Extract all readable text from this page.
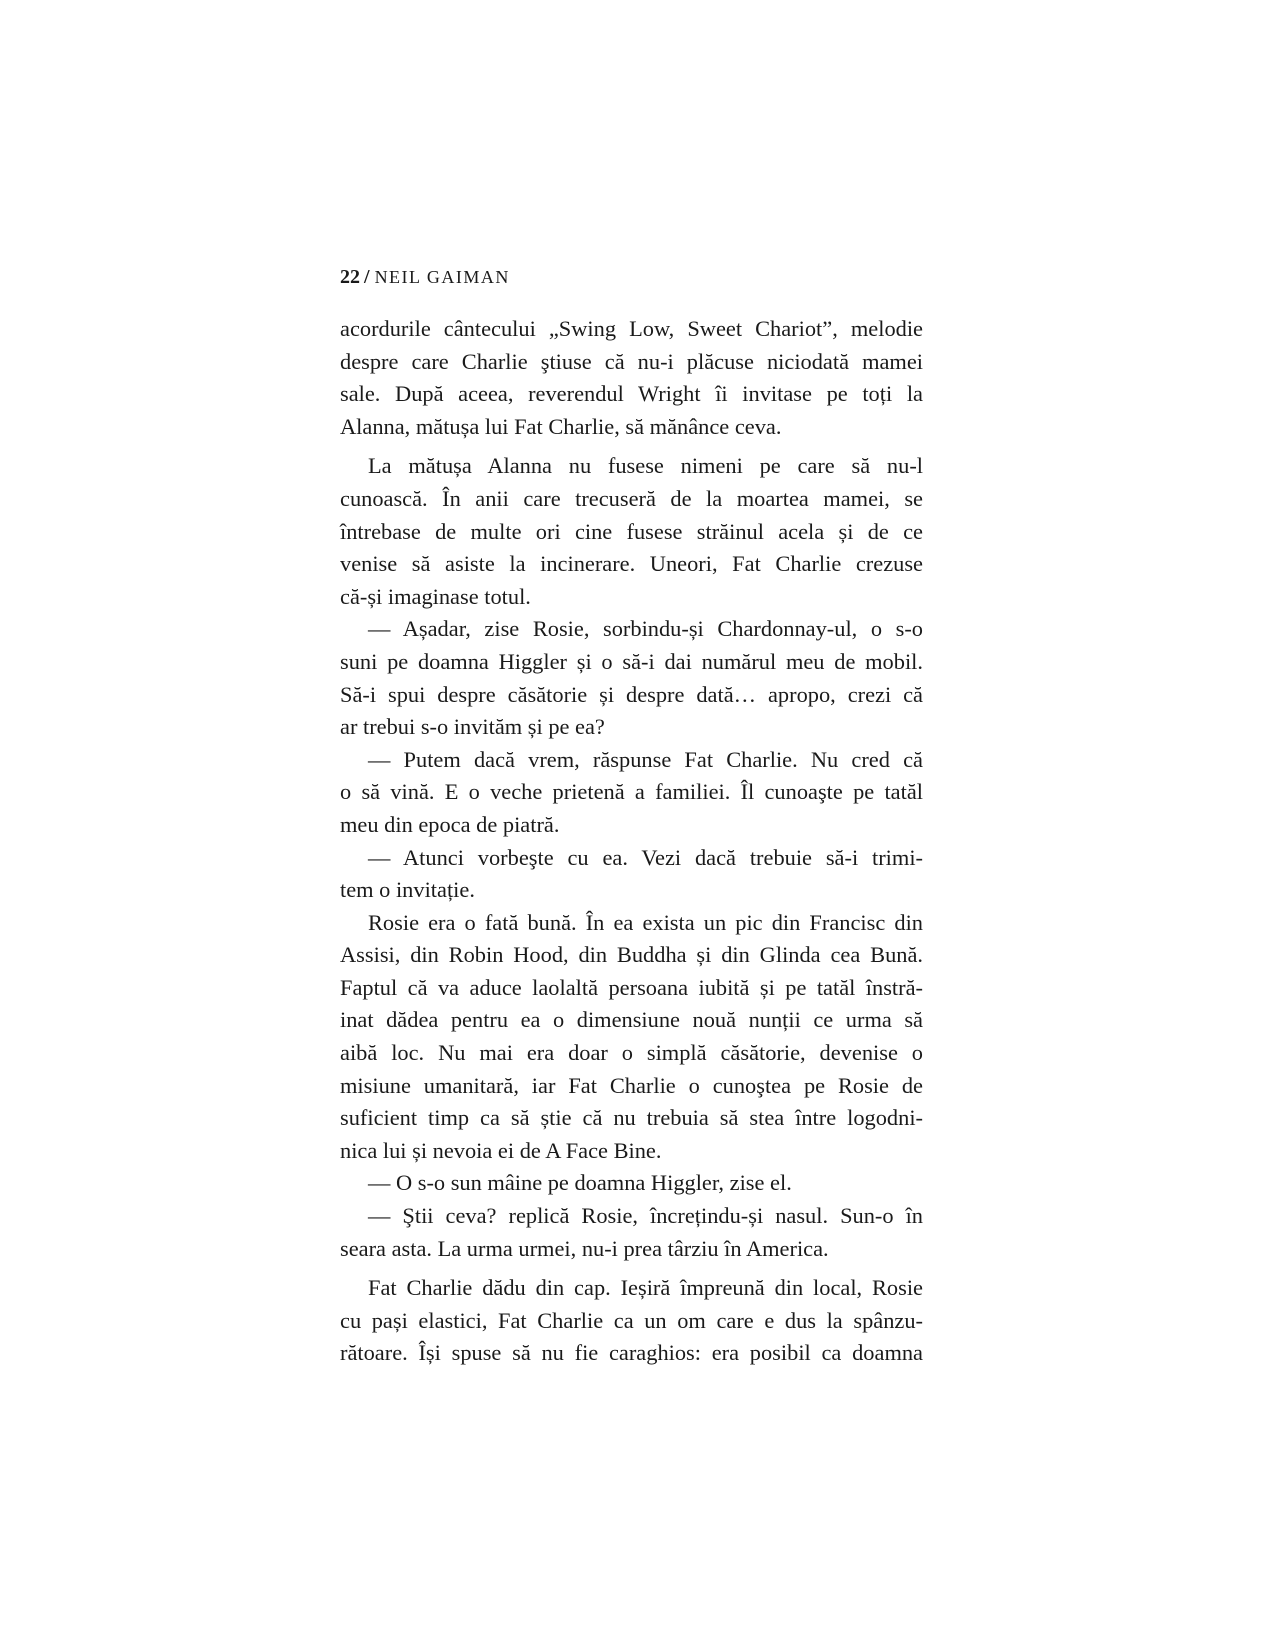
22 / NEIL GAIMAN
acordurile cântecului „Swing Low, Sweet Chariot”, melodie
despre care Charlie ştiuse că nu-i plăcuse niciodată mamei
sale. După aceea, reverendul Wright îi invitase pe toți la
Alanna, mătușa lui Fat Charlie, să mănânce ceva.
La mătușa Alanna nu fusese nimeni pe care să nu-l
cunoască. În anii care trecuseră de la moartea mamei, se
întrebase de multe ori cine fusese străinul acela și de ce
venise să asiste la incinerare. Uneori, Fat Charlie crezuse
că-și imaginase totul.
— Așadar, zise Rosie, sorbindu-și Chardonnay-ul, o s-o
suni pe doamna Higgler și o să-i dai numărul meu de mobil.
Să-i spui despre căsătorie și despre dată… apropo, crezi că
ar trebui s-o invităm și pe ea?
— Putem dacă vrem, răspunse Fat Charlie. Nu cred că
o să vină. E o veche prietenă a familiei. Îl cunoaşte pe tatăl
meu din epoca de piatră.
— Atunci vorbeşte cu ea. Vezi dacă trebuie să-i trimi-
tem o invitație.
Rosie era o fată bună. În ea exista un pic din Francisc din
Assisi, din Robin Hood, din Buddha și din Glinda cea Bună.
Faptul că va aduce laolaltă persoana iubită și pe tatăl înstră-
inat dădea pentru ea o dimensiune nouă nunții ce urma să
aibă loc. Nu mai era doar o simplă căsătorie, devenise o
misiune umanitară, iar Fat Charlie o cunoştea pe Rosie de
suficient timp ca să știe că nu trebuia să stea între logodni-
nica lui și nevoia ei de A Face Bine.
— O s-o sun mâine pe doamna Higgler, zise el.
— Ştii ceva? replică Rosie, încrețindu-și nasul. Sun-o în
seara asta. La urma urmei, nu-i prea târziu în America.
Fat Charlie dădu din cap. Ieșiră împreună din local, Rosie
cu pași elastici, Fat Charlie ca un om care e dus la spânzu-
rătoare. Își spuse să nu fie caraghios: era posibil ca doamna
